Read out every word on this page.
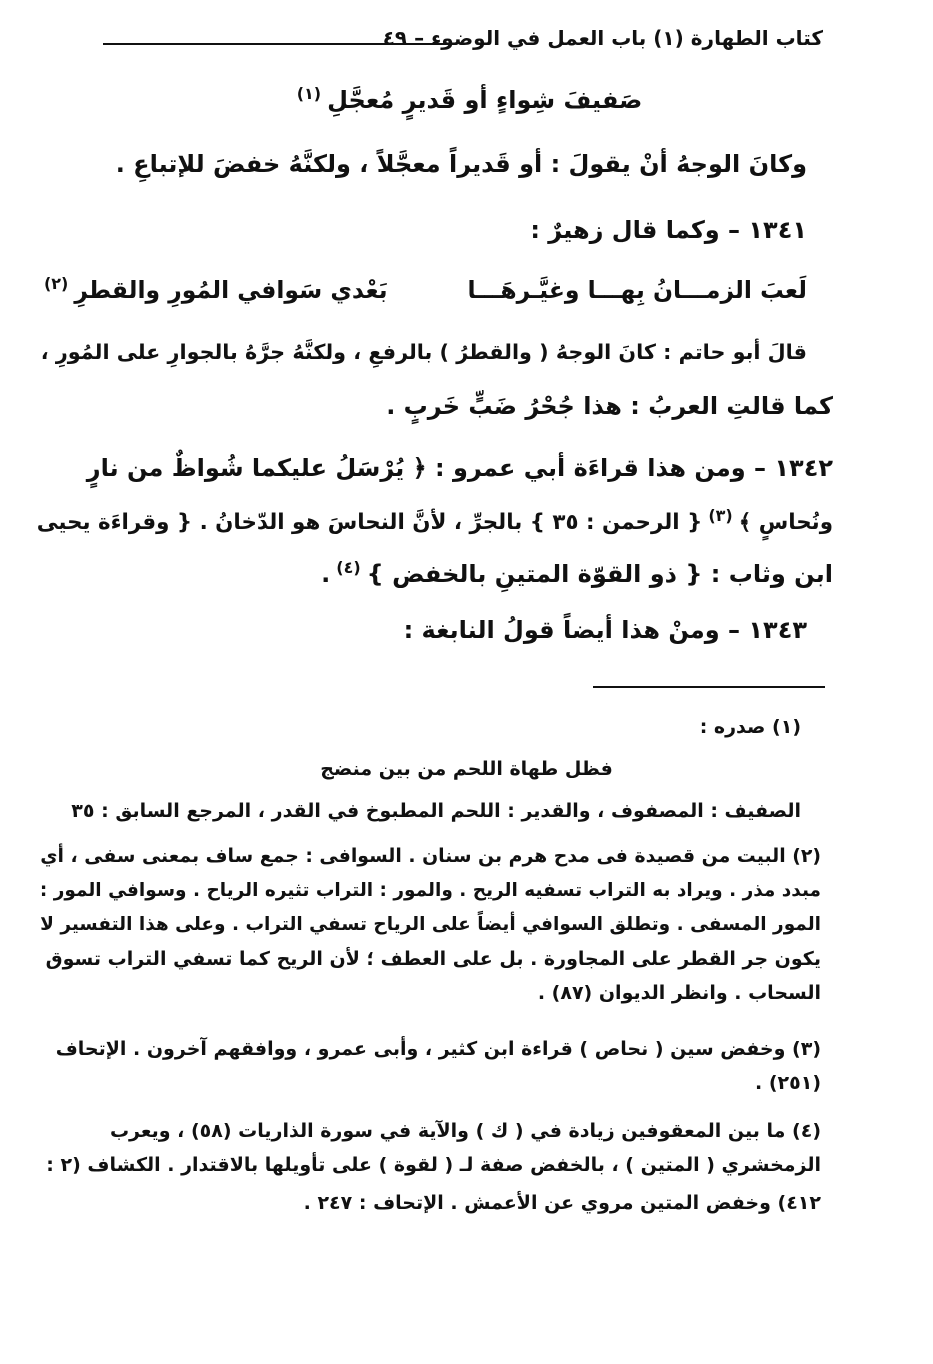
كتاب الطهارة (١) باب العمل في الوضوء – ٤٩
صَفيفَ شِواءٍ أو قَديرٍ مُعجَّلِ$^{(١)}$
وكانَ الوجهُ أنْ يقولَ : أو قَديراً معجَّلاً ، ولكنَّهُ خفضَ للإتباعِ .
١٣٤١ – وكما قال زهيرٌ :
لَعبَ الزمـــانُ بِهـــا وغيَّـرهَـــابَعْدي سَوافي المُورِ والقطرِ$^{(٢)}$
قالَ أبو حاتم : كانَ الوجهُ ( والقطرُ ) بالرفعِ ، ولكنَّهُ جرَّهُ بالجوارِ على المُورِ ،
كما قالتِ العربُ : هذا جُحْرُ ضَبٍّ خَربٍ .
١٣٤٢ – ومن هذا قراءَة أبي عمرو : ﴿ يُرْسَلُ عليكما شُواظٌ من نارٍ
ونُحاسٍ ﴾$^{(٣)}${ الرحمن : ٣٥ } بالجرِّ ، لأنَّ النحاسَ هو الدّخانُ . { وقراءَة يحيى
ابن وثاب : { ذو القوّة المتينِ بالخفض }$^{(٤)}$.
١٣٤٣ – ومنْ هذا أيضاً قولُ النابغة :
(١) صدره :
فظل طهاة اللحم من بين منضج
الصفيف : المصفوف ، والقدير : اللحم المطبوخ في القدر ، المرجع السابق : ٣٥
(٢) البيت من قصيدة فى مدح هرم بن سنان . السوافى : جمع ساف بمعنى سفى ، أي
مبدد مذر . ويراد به التراب تسفيه الريح . والمور : التراب تثيره الرياح . وسوافي المور :
المور المسفى . وتطلق السوافي أيضاً على الرياح تسفي التراب . وعلى هذا التفسير لا
يكون جر القطر على المجاورة . بل على العطف ؛ لأن الريح كما تسفي التراب تسوق
السحاب . وانظر الديوان (٨٧) .
(٣) وخفض سين ( نحاص ) قراءة ابن كثير ، وأبى عمرو ، ووافقهم آخرون . الإتحاف
(٢٥١) .
(٤) ما بين المعقوفين زيادة في ( ك ) والآية في سورة الذاريات (٥٨) ، ويعرب
الزمخشري ( المتين ) ، بالخفض صفة لـ ( لقوة ) على تأويلها بالاقتدار . الكشاف (٢ :
٤١٢) وخفض المتين مروي عن الأعمش . الإتحاف : ٢٤٧ .
